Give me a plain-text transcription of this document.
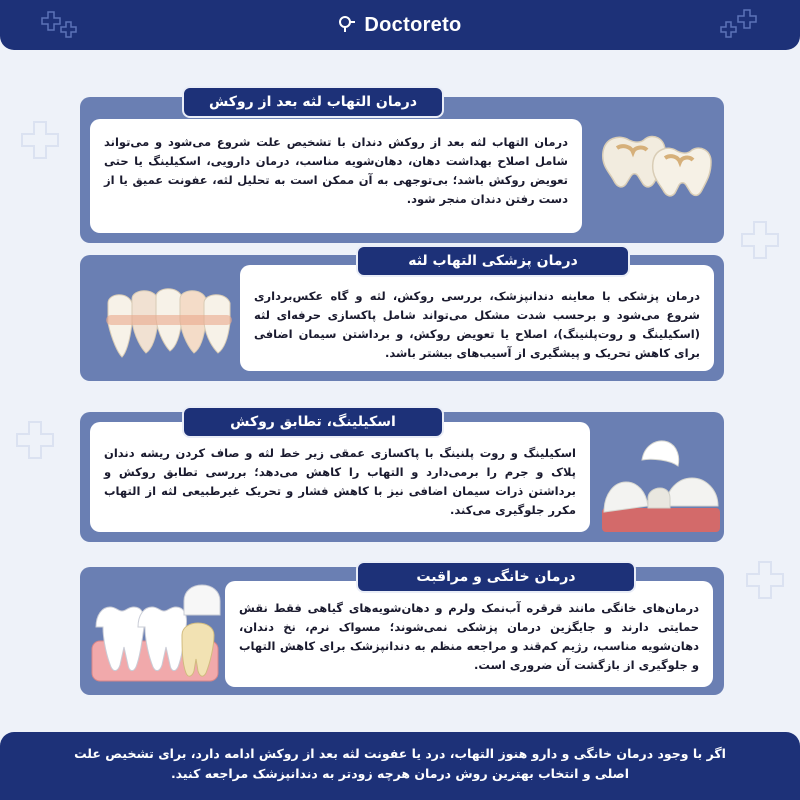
Doctoreto
درمان التهاب لثه بعد از روکش دندان با تشخیص علت شروع می‌شود و می‌تواند شامل اصلاح بهداشت دهان، دهان‌شویه مناسب، درمان دارویی، اسکیلینگ یا حتی تعویض روکش باشد؛ بی‌توجهی به آن ممکن است به تحلیل لثه، عفونت عمیق یا از دست رفتن دندان منجر شود.
درمان التهاب لثه بعد از روکش
درمان پزشکی با معاینه دندانپزشک، بررسی روکش، لثه و گاه عکس‌برداری شروع می‌شود و برحسب شدت مشکل می‌تواند شامل پاکسازی حرفه‌ای لثه (اسکیلینگ و روت‌پلنینگ)، اصلاح یا تعویض روکش، و برداشتن سیمان اضافی برای کاهش تحریک و پیشگیری از آسیب‌های بیشتر باشد.
درمان پزشکی التهاب لثه
اسکیلینگ و روت پلنینگ با پاکسازی عمقی زیر خط لثه و صاف کردن ریشه دندان پلاک و جرم را برمی‌دارد و التهاب را کاهش می‌دهد؛ بررسی تطابق روکش و برداشتن ذرات سیمان اضافی نیز با کاهش فشار و تحریک غیرطبیعی لثه از التهاب مکرر جلوگیری می‌کند.
اسکیلینگ، تطابق روکش
درمان‌های خانگی مانند قرقره آب‌نمک ولرم و دهان‌شویه‌های گیاهی فقط نقش حمایتی دارند و جایگزین درمان پزشکی نمی‌شوند؛ مسواک نرم، نخ دندان، دهان‌شویه مناسب، رژیم کم‌قند و مراجعه منظم به دندانپزشک برای کاهش التهاب و جلوگیری از بازگشت آن ضروری است.
درمان خانگی و مراقبت
اگر با وجود درمان خانگی و دارو هنوز التهاب، درد یا عفونت لثه بعد از روکش ادامه دارد، برای تشخیص علت اصلی و انتخاب بهترین روش درمان هرچه زودتر به دندانپزشک مراجعه کنید.
